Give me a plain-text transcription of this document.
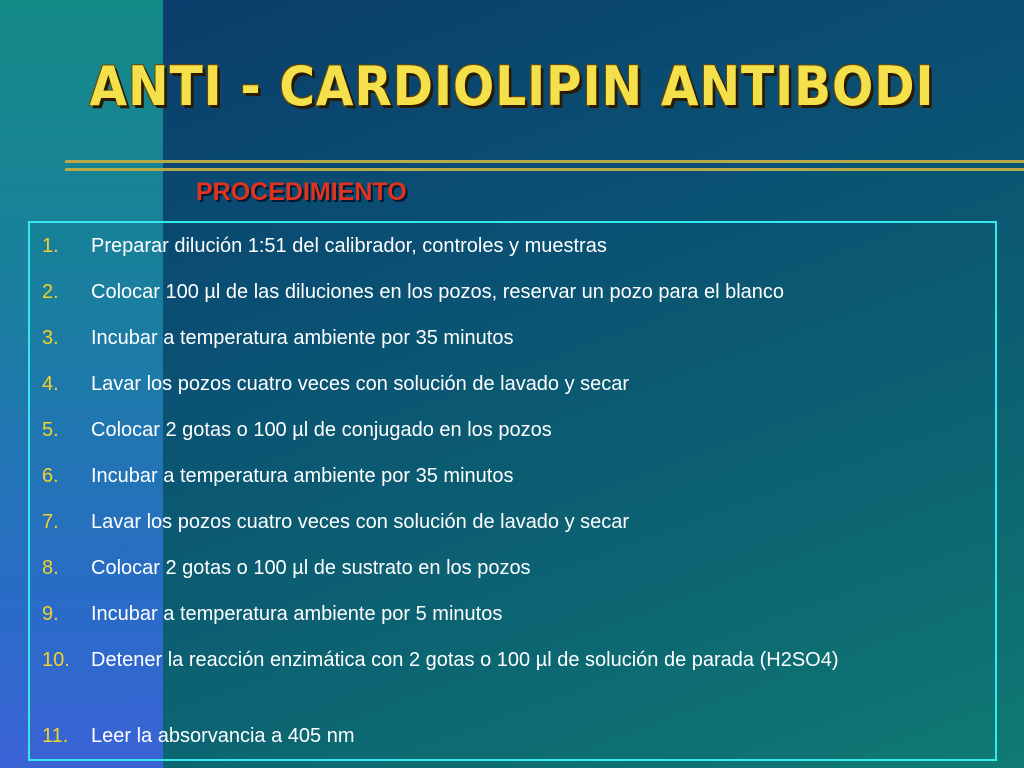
ANTI - CARDIOLIPIN ANTIBODI
PROCEDIMIENTO
1. Preparar dilución 1:51 del calibrador, controles y muestras
2. Colocar 100 µl de las diluciones en los pozos, reservar un pozo para el blanco
3. Incubar a temperatura ambiente por 35 minutos
4. Lavar los pozos cuatro veces con solución de lavado y secar
5. Colocar 2 gotas o 100 µl de conjugado en los pozos
6. Incubar a temperatura ambiente por 35 minutos
7. Lavar los pozos cuatro veces con solución de lavado y secar
8. Colocar 2 gotas o 100 µl de sustrato en los pozos
9. Incubar a temperatura ambiente por 5 minutos
10. Detener la reacción enzimática con 2 gotas o 100 µl de solución de parada (H2SO4)
11. Leer la absorvancia a 405 nm
